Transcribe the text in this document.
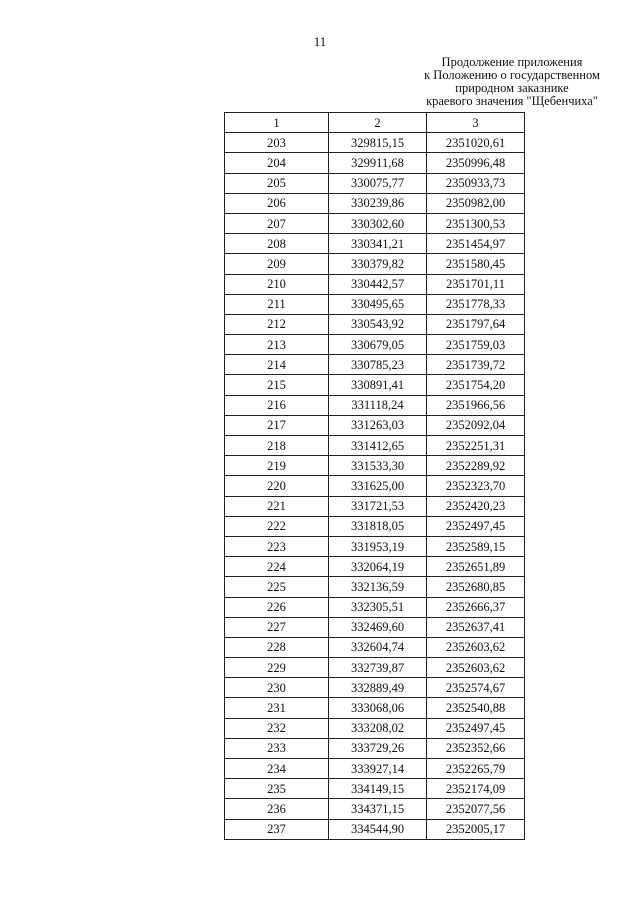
11
Продолжение приложения
к Положению о государственном
природном заказнике
краевого значения "Щебенчиха"
1	2	3
203	329815,15	2351020,61
204	329911,68	2350996,48
205	330075,77	2350933,73
206	330239,86	2350982,00
207	330302,60	2351300,53
208	330341,21	2351454,97
209	330379,82	2351580,45
210	330442,57	2351701,11
211	330495,65	2351778,33
212	330543,92	2351797,64
213	330679,05	2351759,03
214	330785,23	2351739,72
215	330891,41	2351754,20
216	331118,24	2351966,56
217	331263,03	2352092,04
218	331412,65	2352251,31
219	331533,30	2352289,92
220	331625,00	2352323,70
221	331721,53	2352420,23
222	331818,05	2352497,45
223	331953,19	2352589,15
224	332064,19	2352651,89
225	332136,59	2352680,85
226	332305,51	2352666,37
227	332469,60	2352637,41
228	332604,74	2352603,62
229	332739,87	2352603,62
230	332889,49	2352574,67
231	333068,06	2352540,88
232	333208,02	2352497,45
233	333729,26	2352352,66
234	333927,14	2352265,79
235	334149,15	2352174,09
236	334371,15	2352077,56
237	334544,90	2352005,17
